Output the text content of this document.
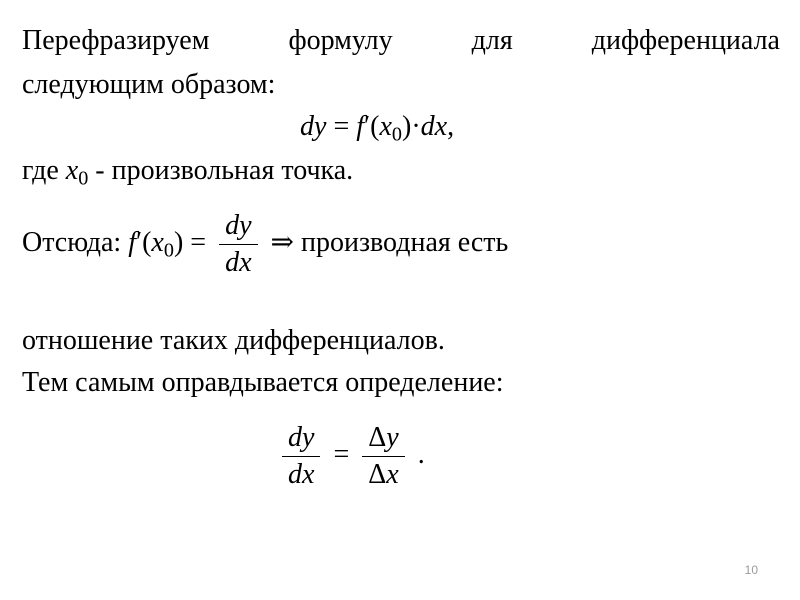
Перефразируем	формулу	для	дифференциала
следующим образом:
dy = $f'(x_0)\cdot dx$,
где $x_0$ - произвольная точка.
Отсюда: $f'(x_0) = \frac{dy}{dx}$ ⇒ производная есть
отношение таких дифференциалов.
Тем самым оправдывается определение:
$\frac{dy}{dx} = \frac{\Delta y}{\Delta x}$ .
10
